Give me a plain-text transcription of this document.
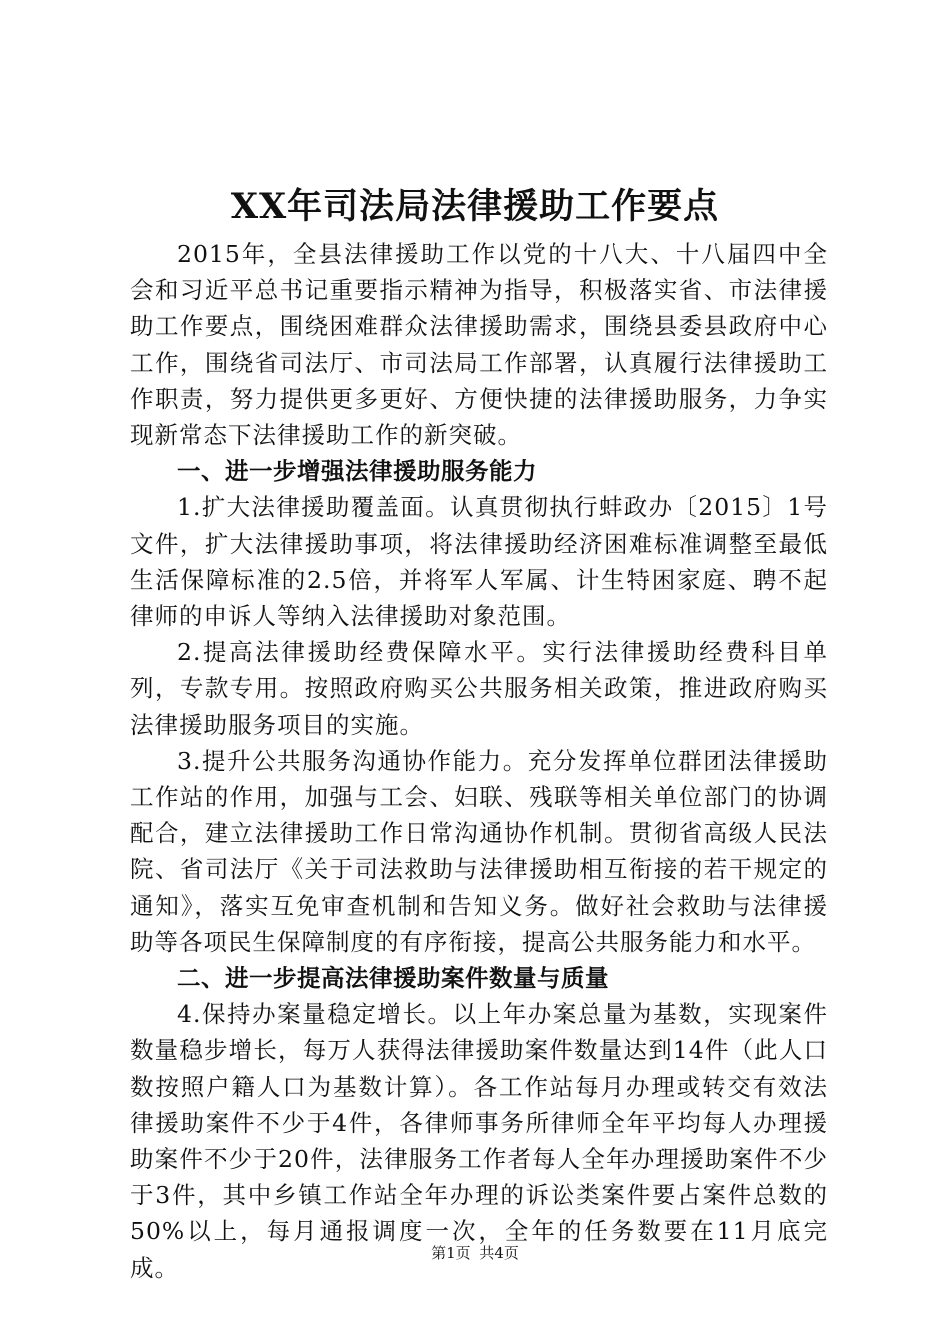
XX年司法局法律援助工作要点

2015年，全县法律援助工作以党的十八大、十八届四中全会和习近平总书记重要指示精神为指导，积极落实省、市法律援助工作要点，围绕困难群众法律援助需求，围绕县委县政府中心工作，围绕省司法厅、市司法局工作部署，认真履行法律援助工作职责，努力提供更多更好、方便快捷的法律援助服务，力争实现新常态下法律援助工作的新突破。

一、进一步增强法律援助服务能力

1.扩大法律援助覆盖面。认真贯彻执行蚌政办〔2015〕1号文件，扩大法律援助事项，将法律援助经济困难标准调整至最低生活保障标准的2.5倍，并将军人军属、计生特困家庭、聘不起律师的申诉人等纳入法律援助对象范围。

2.提高法律援助经费保障水平。实行法律援助经费科目单列，专款专用。按照政府购买公共服务相关政策，推进政府购买法律援助服务项目的实施。

3.提升公共服务沟通协作能力。充分发挥单位群团法律援助工作站的作用，加强与工会、妇联、残联等相关单位部门的协调配合，建立法律援助工作日常沟通协作机制。贯彻省高级人民法院、省司法厅《关于司法救助与法律援助相互衔接的若干规定的通知》，落实互免审查机制和告知义务。做好社会救助与法律援助等各项民生保障制度的有序衔接，提高公共服务能力和水平。

二、进一步提高法律援助案件数量与质量

4.保持办案量稳定增长。以上年办案总量为基数，实现案件数量稳步增长，每万人获得法律援助案件数量达到14件（此人口数按照户籍人口为基数计算）。各工作站每月办理或转交有效法律援助案件不少于4件，各律师事务所律师全年平均每人办理援助案件不少于20件，法律服务工作者每人全年办理援助案件不少于3件，其中乡镇工作站全年办理的诉讼类案件要占案件总数的50%以上，每月通报调度一次，全年的任务数要在11月底完成。

第1页 共4页
